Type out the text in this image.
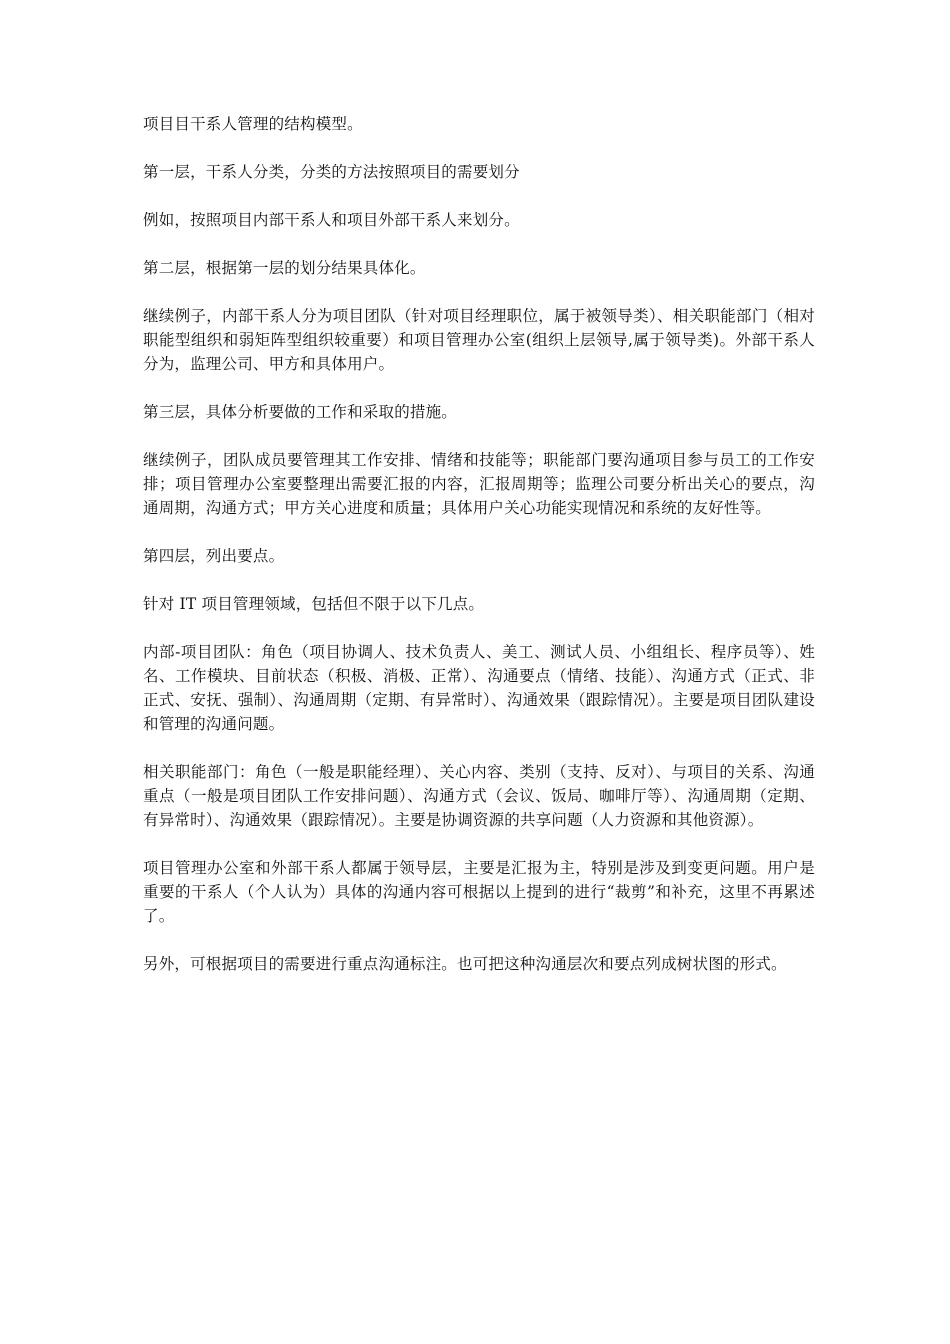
项目目干系人管理的结构模型。

第一层，干系人分类，分类的方法按照项目的需要划分

例如，按照项目内部干系人和项目外部干系人来划分。

第二层，根据第一层的划分结果具体化。

继续例子，内部干系人分为项目团队（针对项目经理职位，属于被领导类）、相关职能部门（相对职能型组织和弱矩阵型组织较重要）和项目管理办公室(组织上层领导,属于领导类)。外部干系人分为，监理公司、甲方和具体用户。

第三层，具体分析要做的工作和采取的措施。

继续例子，团队成员要管理其工作安排、情绪和技能等；职能部门要沟通项目参与员工的工作安排；项目管理办公室要整理出需要汇报的内容，汇报周期等；监理公司要分析出关心的要点，沟通周期，沟通方式；甲方关心进度和质量；具体用户关心功能实现情况和系统的友好性等。

第四层，列出要点。

针对 IT 项目管理领域，包括但不限于以下几点。

内部-项目团队：角色（项目协调人、技术负责人、美工、测试人员、小组组长、程序员等）、姓名、工作模块、目前状态（积极、消极、正常）、沟通要点（情绪、技能）、沟通方式（正式、非正式、安抚、强制）、沟通周期（定期、有异常时）、沟通效果（跟踪情况）。主要是项目团队建设和管理的沟通问题。

相关职能部门：角色（一般是职能经理）、关心内容、类别（支持、反对）、与项目的关系、沟通重点（一般是项目团队工作安排问题）、沟通方式（会议、饭局、咖啡厅等）、沟通周期（定期、有异常时）、沟通效果（跟踪情况）。主要是协调资源的共享问题（人力资源和其他资源）。

项目管理办公室和外部干系人都属于领导层，主要是汇报为主，特别是涉及到变更问题。用户是重要的干系人（个人认为）具体的沟通内容可根据以上提到的进行“裁剪”和补充，这里不再累述了。

另外，可根据项目的需要进行重点沟通标注。也可把这种沟通层次和要点列成树状图的形式。
